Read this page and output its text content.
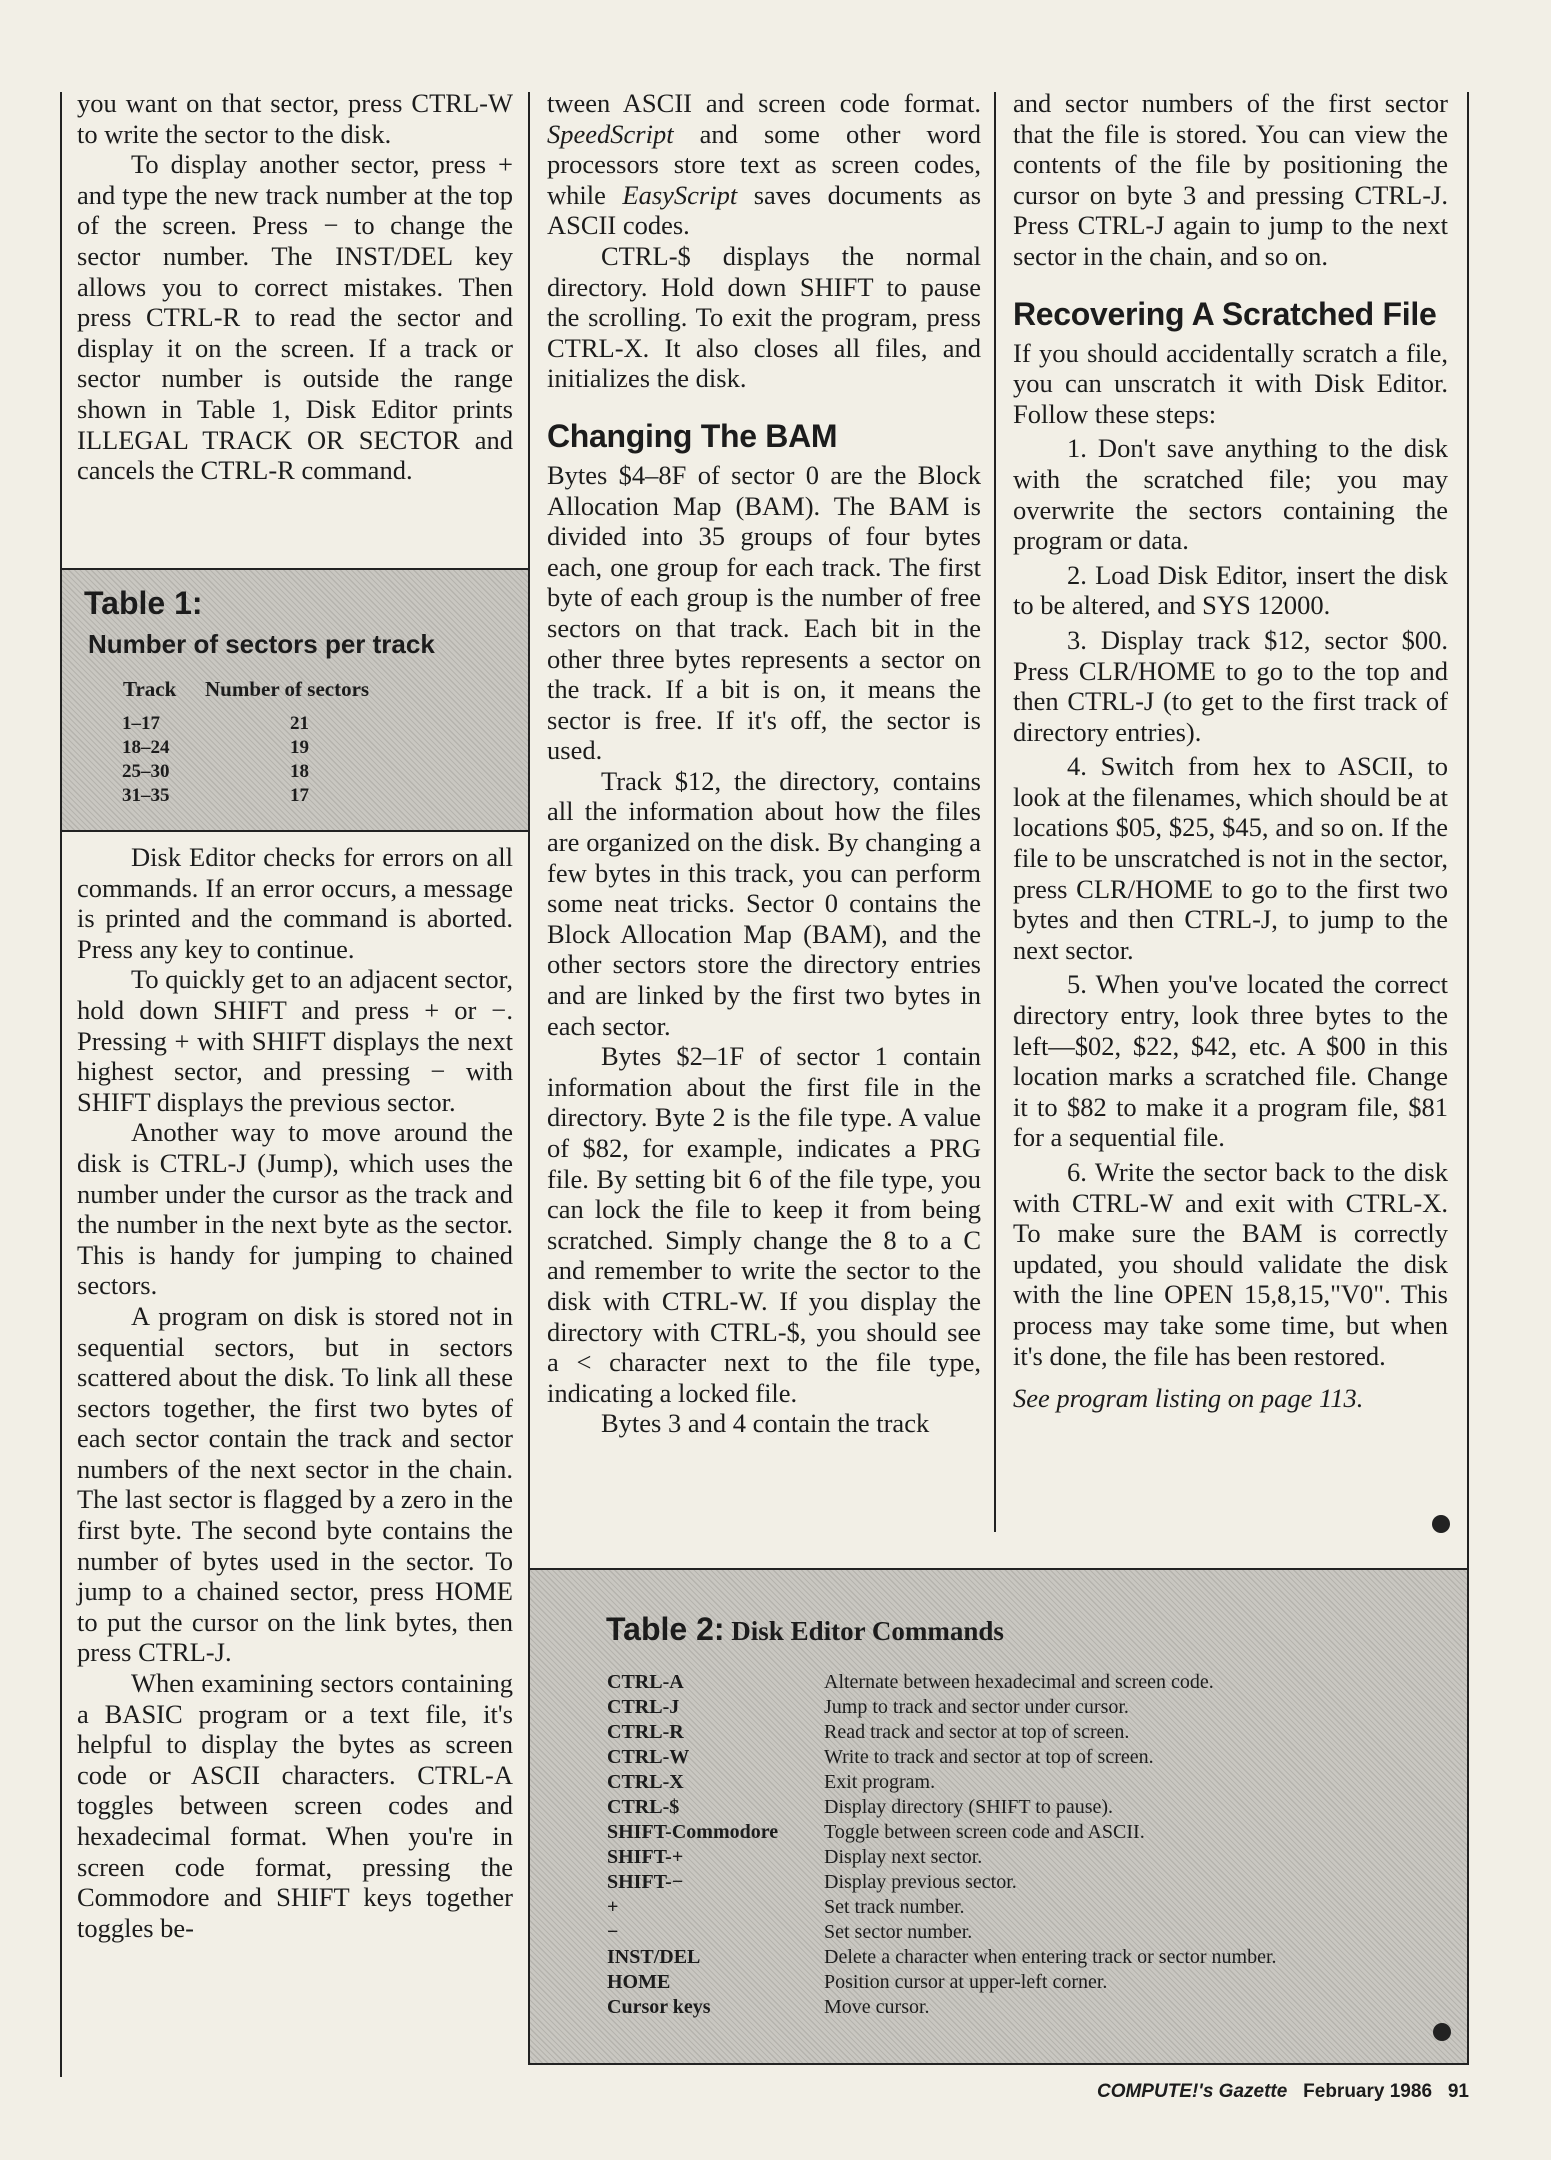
you want on that sector, press CTRL-W to write the sector to the disk.

To display another sector, press + and type the new track number at the top of the screen. Press − to change the sector number. The INST/DEL key allows you to correct mistakes. Then press CTRL-R to read the sector and display it on the screen. If a track or sector number is outside the range shown in Table 1, Disk Editor prints ILLEGAL TRACK OR SECTOR and cancels the CTRL-R command.

Table 1:
Number of sectors per track
Track Number of sectors
1–17	21
18–24	19
25–30	18
31–35	17

Disk Editor checks for errors on all commands. If an error occurs, a message is printed and the command is aborted. Press any key to continue.

To quickly get to an adjacent sector, hold down SHIFT and press + or −. Pressing + with SHIFT displays the next highest sector, and pressing − with SHIFT displays the previous sector.

Another way to move around the disk is CTRL-J (Jump), which uses the number under the cursor as the track and the number in the next byte as the sector. This is handy for jumping to chained sectors.

A program on disk is stored not in sequential sectors, but in sectors scattered about the disk. To link all these sectors together, the first two bytes of each sector contain the track and sector numbers of the next sector in the chain. The last sector is flagged by a zero in the first byte. The second byte contains the number of bytes used in the sector. To jump to a chained sector, press HOME to put the cursor on the link bytes, then press CTRL-J.

When examining sectors containing a BASIC program or a text file, it's helpful to display the bytes as screen code or ASCII characters. CTRL-A toggles between screen codes and hexadecimal format. When you're in screen code format, pressing the Commodore and SHIFT keys together toggles be-

tween ASCII and screen code format. SpeedScript and some other word processors store text as screen codes, while EasyScript saves documents as ASCII codes.

CTRL-$ displays the normal directory. Hold down SHIFT to pause the scrolling. To exit the program, press CTRL-X. It also closes all files, and initializes the disk.

Changing The BAM

Bytes $4–8F of sector 0 are the Block Allocation Map (BAM). The BAM is divided into 35 groups of four bytes each, one group for each track. The first byte of each group is the number of free sectors on that track. Each bit in the other three bytes represents a sector on the track. If a bit is on, it means the sector is free. If it's off, the sector is used.

Track $12, the directory, contains all the information about how the files are organized on the disk. By changing a few bytes in this track, you can perform some neat tricks. Sector 0 contains the Block Allocation Map (BAM), and the other sectors store the directory entries and are linked by the first two bytes in each sector.

Bytes $2–1F of sector 1 contain information about the first file in the directory. Byte 2 is the file type. A value of $82, for example, indicates a PRG file. By setting bit 6 of the file type, you can lock the file to keep it from being scratched. Simply change the 8 to a C and remember to write the sector to the disk with CTRL-W. If you display the directory with CTRL-$, you should see a < character next to the file type, indicating a locked file.

Bytes 3 and 4 contain the track

and sector numbers of the first sector that the file is stored. You can view the contents of the file by positioning the cursor on byte 3 and pressing CTRL-J. Press CTRL-J again to jump to the next sector in the chain, and so on.

Recovering A Scratched File

If you should accidentally scratch a file, you can unscratch it with Disk Editor. Follow these steps:

1. Don't save anything to the disk with the scratched file; you may overwrite the sectors containing the program or data.

2. Load Disk Editor, insert the disk to be altered, and SYS 12000.

3. Display track $12, sector $00. Press CLR/HOME to go to the top and then CTRL-J (to get to the first track of directory entries).

4. Switch from hex to ASCII, to look at the filenames, which should be at locations $05, $25, $45, and so on. If the file to be unscratched is not in the sector, press CLR/HOME to go to the first two bytes and then CTRL-J, to jump to the next sector.

5. When you've located the correct directory entry, look three bytes to the left—$02, $22, $42, etc. A $00 in this location marks a scratched file. Change it to $82 to make it a program file, $81 for a sequential file.

6. Write the sector back to the disk with CTRL-W and exit with CTRL-X. To make sure the BAM is correctly updated, you should validate the disk with the line OPEN 15,8,15,"V0". This process may take some time, but when it's done, the file has been restored.

See program listing on page 113.

Table 2: Disk Editor Commands
CTRL-A	Alternate between hexadecimal and screen code.
CTRL-J	Jump to track and sector under cursor.
CTRL-R	Read track and sector at top of screen.
CTRL-W	Write to track and sector at top of screen.
CTRL-X	Exit program.
CTRL-$	Display directory (SHIFT to pause).
SHIFT-Commodore	Toggle between screen code and ASCII.
SHIFT-+	Display next sector.
SHIFT-−	Display previous sector.
+	Set track number.
−	Set sector number.
INST/DEL	Delete a character when entering track or sector number.
HOME	Position cursor at upper-left corner.
Cursor keys	Move cursor.
COMPUTE!'s Gazette February 1986 91
